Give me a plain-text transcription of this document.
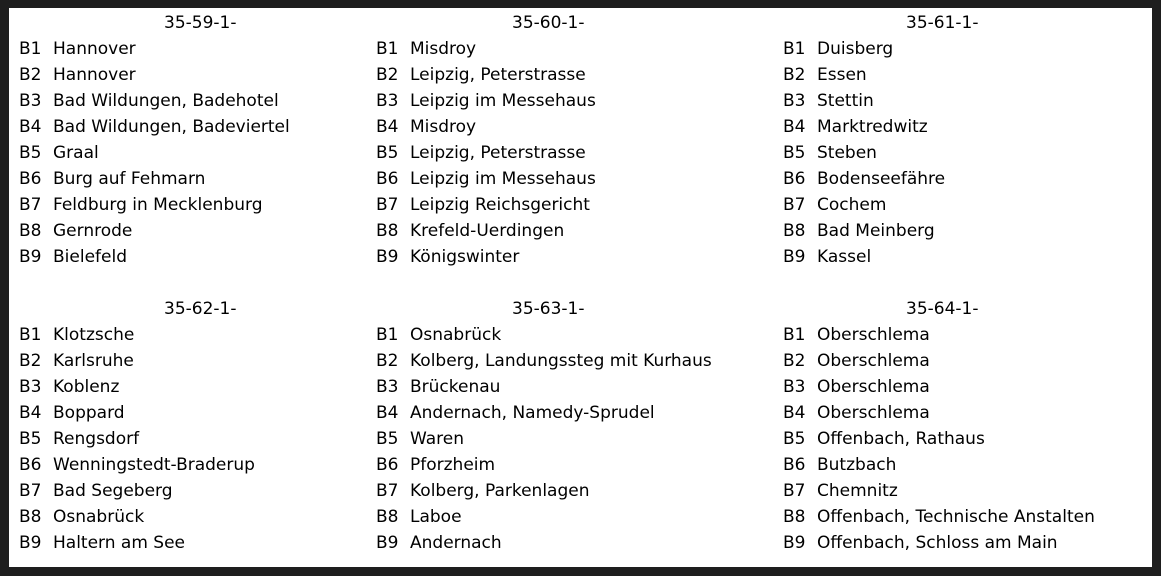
35-59-1-
B1 Hannover
B2 Hannover
B3 Bad Wildungen, Badehotel
B4 Bad Wildungen, Badeviertel
B5 Graal
B6 Burg auf Fehmarn
B7 Feldburg in Mecklenburg
B8 Gernrode
B9 Bielefeld
35-60-1-
B1 Misdroy
B2 Leipzig, Peterstrasse
B3 Leipzig im Messehaus
B4 Misdroy
B5 Leipzig, Peterstrasse
B6 Leipzig im Messehaus
B7 Leipzig Reichsgericht
B8 Krefeld-Uerdingen
B9 Königswinter
35-61-1-
B1 Duisberg
B2 Essen
B3 Stettin
B4 Marktredwitz
B5 Steben
B6 Bodenseefähre
B7 Cochem
B8 Bad Meinberg
B9 Kassel
35-62-1-
B1 Klotzsche
B2 Karlsruhe
B3 Koblenz
B4 Boppard
B5 Rengsdorf
B6 Wenningstedt-Braderup
B7 Bad Segeberg
B8 Osnabrück
B9 Haltern am See
35-63-1-
B1 Osnabrück
B2 Kolberg, Landungssteg mit Kurhaus
B3 Brückenau
B4 Andernach, Namedy-Sprudel
B5 Waren
B6 Pforzheim
B7 Kolberg, Parkenlagen
B8 Laboe
B9 Andernach
35-64-1-
B1 Oberschlema
B2 Oberschlema
B3 Oberschlema
B4 Oberschlema
B5 Offenbach, Rathaus
B6 Butzbach
B7 Chemnitz
B8 Offenbach, Technische Anstalten
B9 Offenbach, Schloss am Main
